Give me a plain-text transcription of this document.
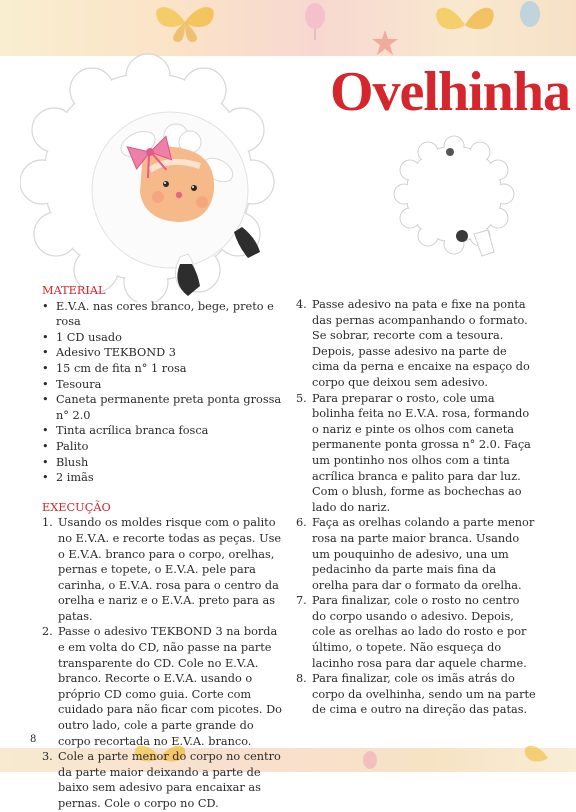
Ovelhinha
MATERIAL
• E.V.A. nas cores branco, bege, preto e rosa
• 1 CD usado
• Adesivo TEKBOND 3
• 15 cm de fita n° 1 rosa
• Tesoura
• Caneta permanente preta ponta grossa n° 2.0
• Tinta acrílica branca fosca
• Palito
• Blush
• 2 imãs
EXECUÇÃO
1. Usando os moldes risque com o palito no E.V.A. e recorte todas as peças. Use o E.V.A. branco para o corpo, orelhas, pernas e topete, o E.V.A. pele para carinha, o E.V.A. rosa para o centro da orelha e nariz e o E.V.A. preto para as patas.
2. Passe o adesivo TEKBOND 3 na borda e em volta do CD, não passe na parte transparente do CD. Cole no E.V.A. branco. Recorte o E.V.A. usando o próprio CD como guia. Corte com cuidado para não ficar com picotes. Do outro lado, cole a parte grande do corpo recortada no E.V.A. branco.
3. Cole a parte menor do corpo no centro da parte maior deixando a parte de baixo sem adesivo para encaixar as pernas. Cole o corpo no CD.
4. Passe adesivo na pata e fixe na ponta das pernas acompanhando o formato. Se sobrar, recorte com a tesoura. Depois, passe adesivo na parte de cima da perna e encaixe na espaço do corpo que deixou sem adesivo.
5. Para preparar o rosto, cole uma bolinha feita no E.V.A. rosa, formando o nariz e pinte os olhos com caneta permanente ponta grossa n° 2.0. Faça um pontinho nos olhos com a tinta acrílica branca e palito para dar luz. Com o blush, forme as bochechas ao lado do nariz.
6. Faça as orelhas colando a parte menor rosa na parte maior branca. Usando um pouquinho de adesivo, una um pedacinho da parte mais fina da orelha para dar o formato da orelha.
7. Para finalizar, cole o rosto no centro do corpo usando o adesivo. Depois, cole as orelhas ao lado do rosto e por último, o topete. Não esqueça do lacinho rosa para dar aquele charme.
8. Para finalizar, cole os imãs atrás do corpo da ovelhinha, sendo um na parte de cima e outro na direção das patas.
8
